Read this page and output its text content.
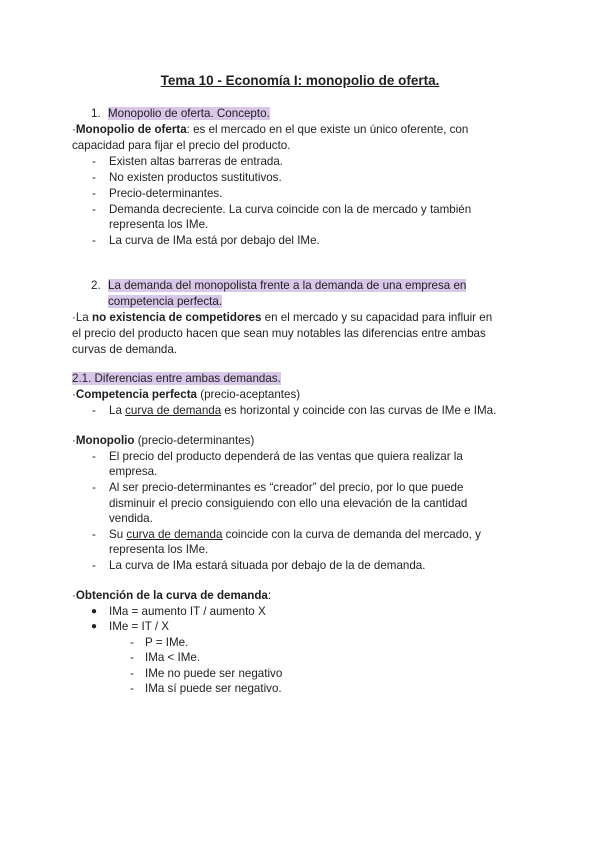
Tema 10 - Economía I: monopolio de oferta.
1. Monopolio de oferta. Concepto.
·Monopolio de oferta: es el mercado en el que existe un único oferente, con
capacidad para fijar el precio del producto.
- Existen altas barreras de entrada.
- No existen productos sustitutivos.
- Precio-determinantes.
- Demanda decreciente. La curva coincide con la de mercado y también
representa los IMe.
- La curva de IMa está por debajo del IMe.
2. La demanda del monopolista frente a la demanda de una empresa en
competencia perfecta.
·La no existencia de competidores en el mercado y su capacidad para influir en
el precio del producto hacen que sean muy notables las diferencias entre ambas
curvas de demanda.
2.1. Diferencias entre ambas demandas.
·Competencia perfecta (precio-aceptantes)
- La curva de demanda es horizontal y coincide con las curvas de IMe e IMa.
·Monopolio (precio-determinantes)
- El precio del producto dependerá de las ventas que quiera realizar la
empresa.
- Al ser precio-determinantes es “creador” del precio, por lo que puede
disminuir el precio consiguiendo con ello una elevación de la cantidad
vendida.
- Su curva de demanda coincide con la curva de demanda del mercado, y
representa los IMe.
- La curva de IMa estará situada por debajo de la de demanda.
·Obtención de la curva de demanda:
● IMa = aumento IT / aumento X
● IMe = IT / X
- P = IMe.
- IMa < IMe.
- IMe no puede ser negativo
- IMa sí puede ser negativo.
